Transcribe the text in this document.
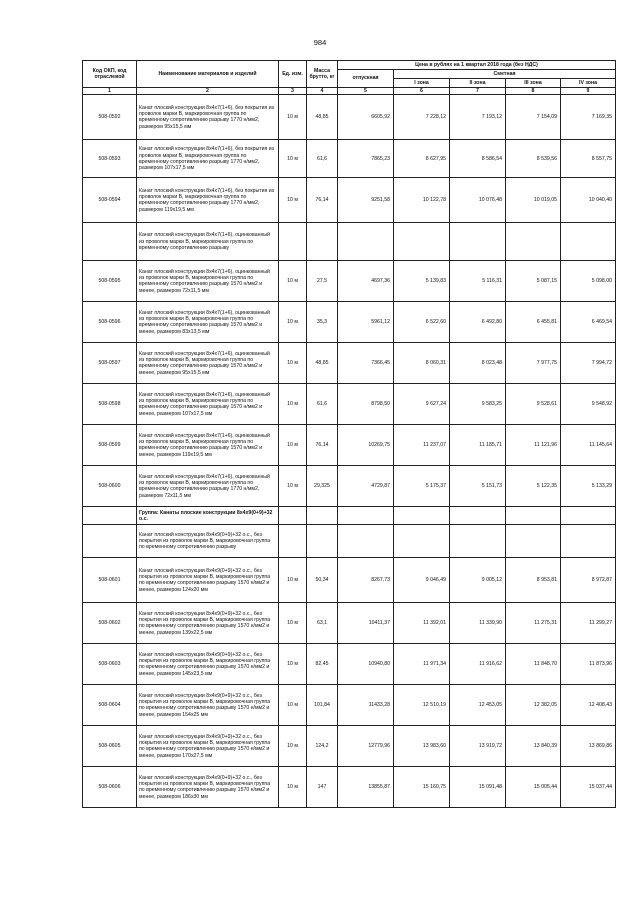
984
Код ОКП, код отраслевой	Наименование материалов и изделий	Ед. изм.	Масса брутто, кг	Цена в рублях на 1 квартал 2018 года (без НДС)				
				отпускная	Сметная			
					I зона	II зона	III зона	IV зона
1	2	3	4	5	6	7	8	9
508-0592	Канат плоский конструкции 8х4х7(1+6), без покрытия из проволок марки В, маркировочная группа по временному сопротивлению разрыву 1770 н/мм2, размером 95х15,5 мм	10 м	48,85	6605,92	7 228,12	7 193,12	7 154,09	7 169,35
508-0593	Канат плоский конструкции 8х4х7(1+6), без покрытия из проволок марки В, маркировочная группа по временному сопротивлению разрыву 1770 н/мм2, размером 107х17,5 мм	10 м	61,6	7865,23	8 627,95	8 586,54	8 539,56	8 557,75
508-0594	Канат плоский конструкции 8х4х7(1+6), без покрытия из проволок марки В, маркировочная группа по временному сопротивлению разрыву 1770 н/мм2, размером 119х19,5 мм	10 м	76,14	9251,58	10 122,78	10 076,48	10 019,05	10 040,40
	Канат плоский конструкции 8х4х7(1+6), оцинкованный из проволок марки В, маркировочная группа по временному сопротивлению разрыву							
508-0595	Канат плоский конструкции 8х4х7(1+6), оцинкованный из проволок марки В, маркировочная группа по временному сопротивлению разрыву 1570 н/мм2 и менее, размером 72х11,5 мм	10 м	27,5	4697,36	5 139,83	5 116,31	5 087,15	5 098,00
508-0596	Канат плоский конструкции 8х4х7(1+6), оцинкованный из проволок марки В, маркировочная группа по временному сопротивлению разрыву 1570 н/мм2 и менее, размером 83х13,5 мм	10 м	35,3	5961,12	6 522,60	6 492,80	6 455,81	6 469,54
508-0597	Канат плоский конструкции 8х4х7(1+6), оцинкованный из проволок марки В, маркировочная группа по временному сопротивлению разрыву 1570 н/мм2 и менее, размером 95х15,5 мм	10 м	48,85	7366,45	8 060,31	8 023,48	7 977,75	7 994,72
508-0598	Канат плоский конструкции 8х4х7(1+6), оцинкованный из проволок марки В, маркировочная группа по временному сопротивлению разрыву 1570 н/мм2 и менее, размером 107х17,5 мм	10 м	61,6	8798,50	9 627,24	9 583,25	9 528,61	9 548,92
508-0599	Канат плоский конструкции 8х4х7(1+6), оцинкованный из проволок марки В, маркировочная группа по временному сопротивлению разрыву 1570 н/мм2 и менее, размером 119х19,5 мм	10 м	76,14	10269,75	11 237,07	11 185,71	11 121,96	11 145,64
508-0600	Канат плоский конструкции 8х4х7(1+6), оцинкованный из проволок марки В, маркировочная группа по временному сопротивлению разрыву 1770 н/мм2, размером 72х11,5 мм	10 м	29,325	4729,87	5 175,37	5 151,73	5 122,35	5 133,29
	Группа: Канаты плоские конструкции 8х4х9(0+9)+32 о.с.							
	Канат плоский конструкции 8х4х9(0+9)+32 о.с., без покрытия из проволок марки В, маркировочная группа по временному сопротивлению разрыву							
508-0601	Канат плоский конструкции 8х4х9(0+9)+32 о.с., без покрытия из проволок марки В, маркировочная группа по временному сопротивлению разрыву 1570 н/мм2 и менее, размером 124х20 мм	10 м	50,34	8267,73	9 046,49	9 005,12	8 953,81	8 972,87
508-0602	Канат плоский конструкции 8х4х9(0+9)+32 о.с., без покрытия из проволок марки В, маркировочная группа по временному сопротивлению разрыву 1570 н/мм2 и менее, размером 139х22,5 мм	10 м	63,1	10411,37	11 392,01	11 339,90	11 275,31	11 299,27
508-0603	Канат плоский конструкции 8х4х9(0+9)+32 о.с., без покрытия из проволок марки В, маркировочная группа по временному сопротивлению разрыву 1570 н/мм2 и менее, размером 145х23,5 мм	10 м	82,45	10940,80	11 971,34	11 916,62	11 848,70	11 873,96
508-0604	Канат плоский конструкции 8х4х9(0+9)+32 о.с., без покрытия из проволок марки В, маркировочная группа по временному сопротивлению разрыву 1570 н/мм2 и менее, размером 154х25 мм	10 м	101,84	11433,28	12 510,19	12 453,05	12 382,05	12 408,43
508-0605	Канат плоский конструкции 8х4х9(0+9)+32 о.с., без покрытия из проволок марки В, маркировочная группа по временному сопротивлению разрыву 1570 н/мм2 и менее, размером 170х27,5 мм	10 м	124,2	12779,96	13 983,60	13 919,72	13 840,39	13 869,86
508-0606	Канат плоский конструкции 8х4х9(0+9)+32 о.с., без покрытия из проволок марки В, маркировочная группа по временному сопротивлению разрыву 1570 н/мм2 и менее, размером 186х30 мм	10 м	147	13855,87	15 160,75	15 091,48	15 005,44	15 037,44
